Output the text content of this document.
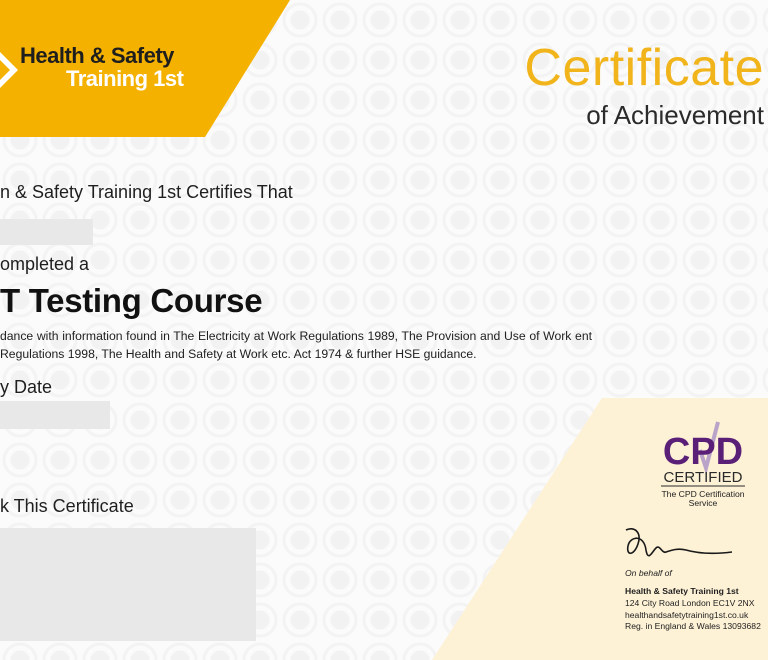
Health & Safety
Training 1st	Certificate
of Achievement
n & Safety Training 1st Certifies That
ompleted a
T Testing Course
dance with information found in The Electricity at Work Regulations 1989, The Provision and Use of Work ent Regulations 1998, The Health and Safety at Work etc. Act 1974 & further HSE guidance.
y Date
k This Certificate
CPD
CERTIFIED
The CPD Certification
Service
On behalf of
Health & Safety Training 1st
124 City Road London EC1V 2NX
healthandsafetytraining1st.co.uk
Reg. in England & Wales 13093682
